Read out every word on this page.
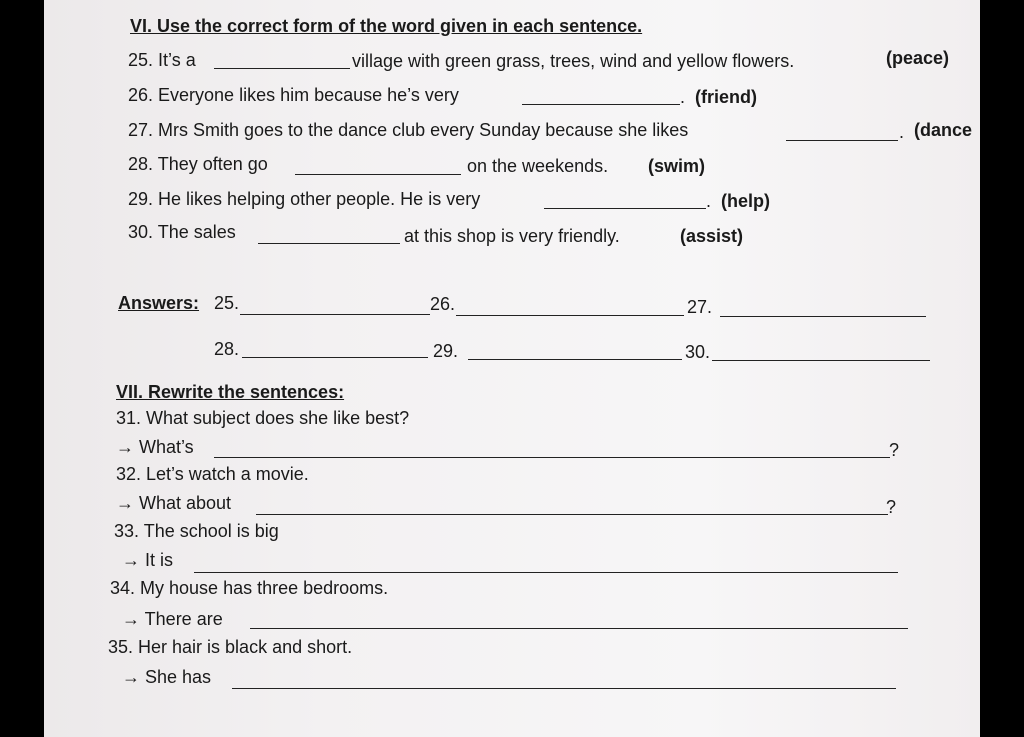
VI. Use the correct form of the word given in each sentence.
25. It’s a	village with green grass, trees, wind and yellow flowers.	(peace)
26. Everyone likes him because he’s very	. (friend)
27. Mrs Smith goes to the dance club every Sunday because she likes	. (dance
28. They often go	on the weekends. (swim)
29. He likes helping other people. He is very	. (help)
30. The sales	at this shop is very friendly.	(assist)
Answers: 25.	26.	27.
28.	29.	30.
VII. Rewrite the sentences:
31. What subject does she like best?
→ What’s	?
32. Let’s watch a movie.
→ What about	?
33. The school is big
→ It is
34. My house has three bedrooms.
→ There are
35. Her hair is black and short.
→ She has
